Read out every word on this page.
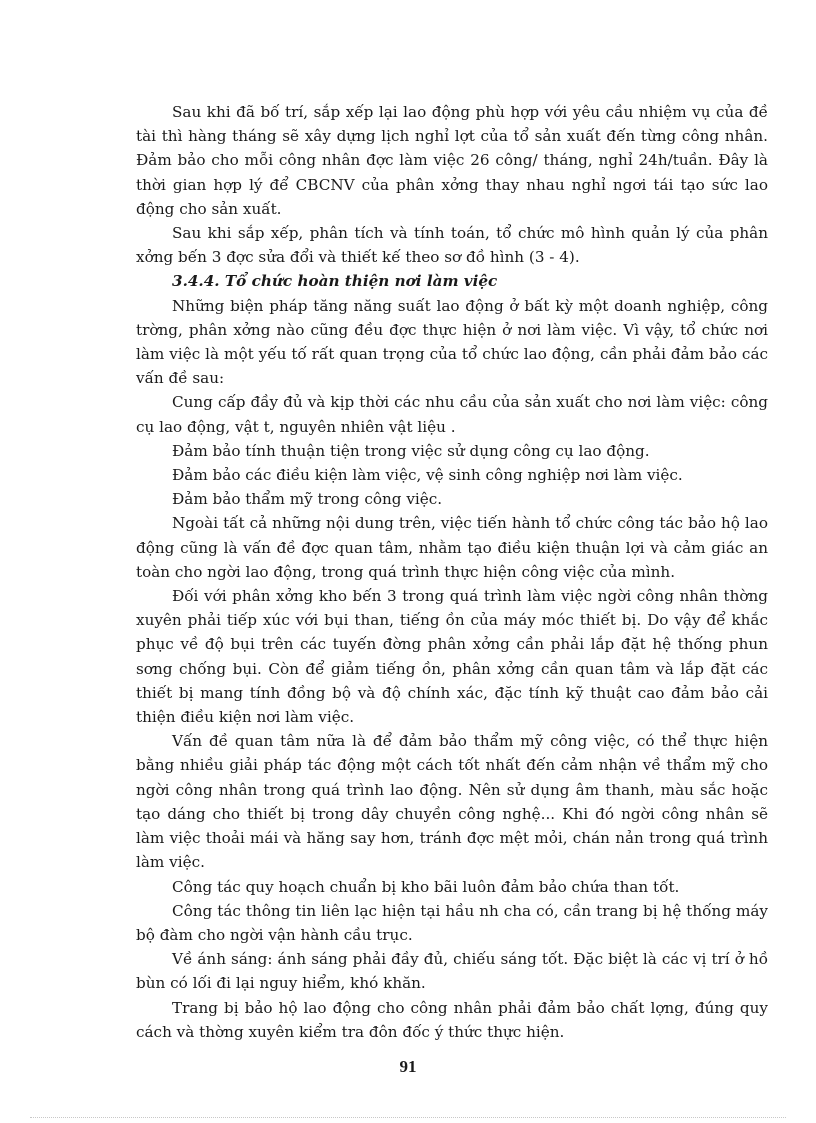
Sau khi đã bố trí, sắp xếp lại lao động phù hợp với yêu cầu nhiệm vụ của đề tài thì hàng tháng sẽ xây dựng lịch nghỉ lợt của tổ sản xuất đến từng công nhân. Đảm bảo cho mỗi công nhân đợc làm việc 26 công/ tháng, nghỉ 24h/tuần. Đây là thời gian hợp lý để CBCNV của phân xởng thay nhau nghỉ ngơi tái tạo sức lao động cho sản xuất.

Sau khi sắp xếp, phân tích và tính toán, tổ chức mô hình quản lý của phân xởng bến 3 đợc sửa đổi và thiết kế theo sơ đồ hình (3 - 4).

3.4.4. Tổ chức hoàn thiện nơi làm việc

Những biện pháp tăng năng suất lao động ở bất kỳ một doanh nghiệp, công trờng, phân xởng nào cũng đều đợc thực hiện ở nơi làm việc. Vì vậy, tổ chức nơi làm việc là một yếu tố rất quan trọng của tổ chức lao động, cần phải đảm bảo các vấn đề sau:

Cung cấp đầy đủ và kịp thời các nhu cầu của sản xuất cho nơi làm việc: công cụ lao động, vật t, nguyên nhiên vật liệu .

Đảm bảo tính thuận tiện trong việc sử dụng công cụ lao động.

Đảm bảo các điều kiện làm việc, vệ sinh công nghiệp nơi làm việc.

Đảm bảo thẩm mỹ trong công việc.

Ngoài tất cả những nội dung trên, việc tiến hành tổ chức công tác bảo hộ lao động cũng là vấn đề đợc quan tâm, nhằm tạo điều kiện thuận lợi và cảm giác an toàn cho ngời lao động, trong quá trình thực hiện công việc của mình.

Đối với phân xởng kho bến 3 trong quá trình làm việc ngời công nhân thờng xuyên phải tiếp xúc với bụi than, tiếng ồn của máy móc thiết bị. Do vậy để khắc phục về độ bụi trên các tuyến đờng phân xởng cần phải lắp đặt hệ thống phun sơng chống bụi. Còn để giảm tiếng ồn, phân xởng cần quan tâm và lắp đặt các thiết bị mang tính đồng bộ và độ chính xác, đặc tính kỹ thuật cao đảm bảo cải thiện điều kiện nơi làm việc.

Vấn đề quan tâm nữa là để đảm bảo thẩm mỹ công việc, có thể thực hiện bằng nhiều giải pháp tác động một cách tốt nhất đến cảm nhận về thẩm mỹ cho ngời công nhân trong quá trình lao động. Nên sử dụng âm thanh, màu sắc hoặc tạo dáng cho thiết bị trong dây chuyền công nghệ... Khi đó ngời công nhân sẽ làm việc thoải mái và hăng say hơn, tránh đợc mệt mỏi, chán nản trong quá trình làm việc.

Công tác quy hoạch chuẩn bị kho bãi luôn đảm bảo chứa than tốt.

Công tác thông tin liên lạc hiện tại hầu nh cha có, cần trang bị hệ thống máy bộ đàm cho ngời vận hành cầu trục.

Về ánh sáng: ánh sáng phải đầy đủ, chiếu sáng tốt. Đặc biệt là các vị trí ở hồ bùn có lối đi lại nguy hiểm, khó khăn.

Trang bị bảo hộ lao động cho công nhân phải đảm bảo chất lợng, đúng quy cách và thờng xuyên kiểm tra đôn đốc ý thức thực hiện.

91
